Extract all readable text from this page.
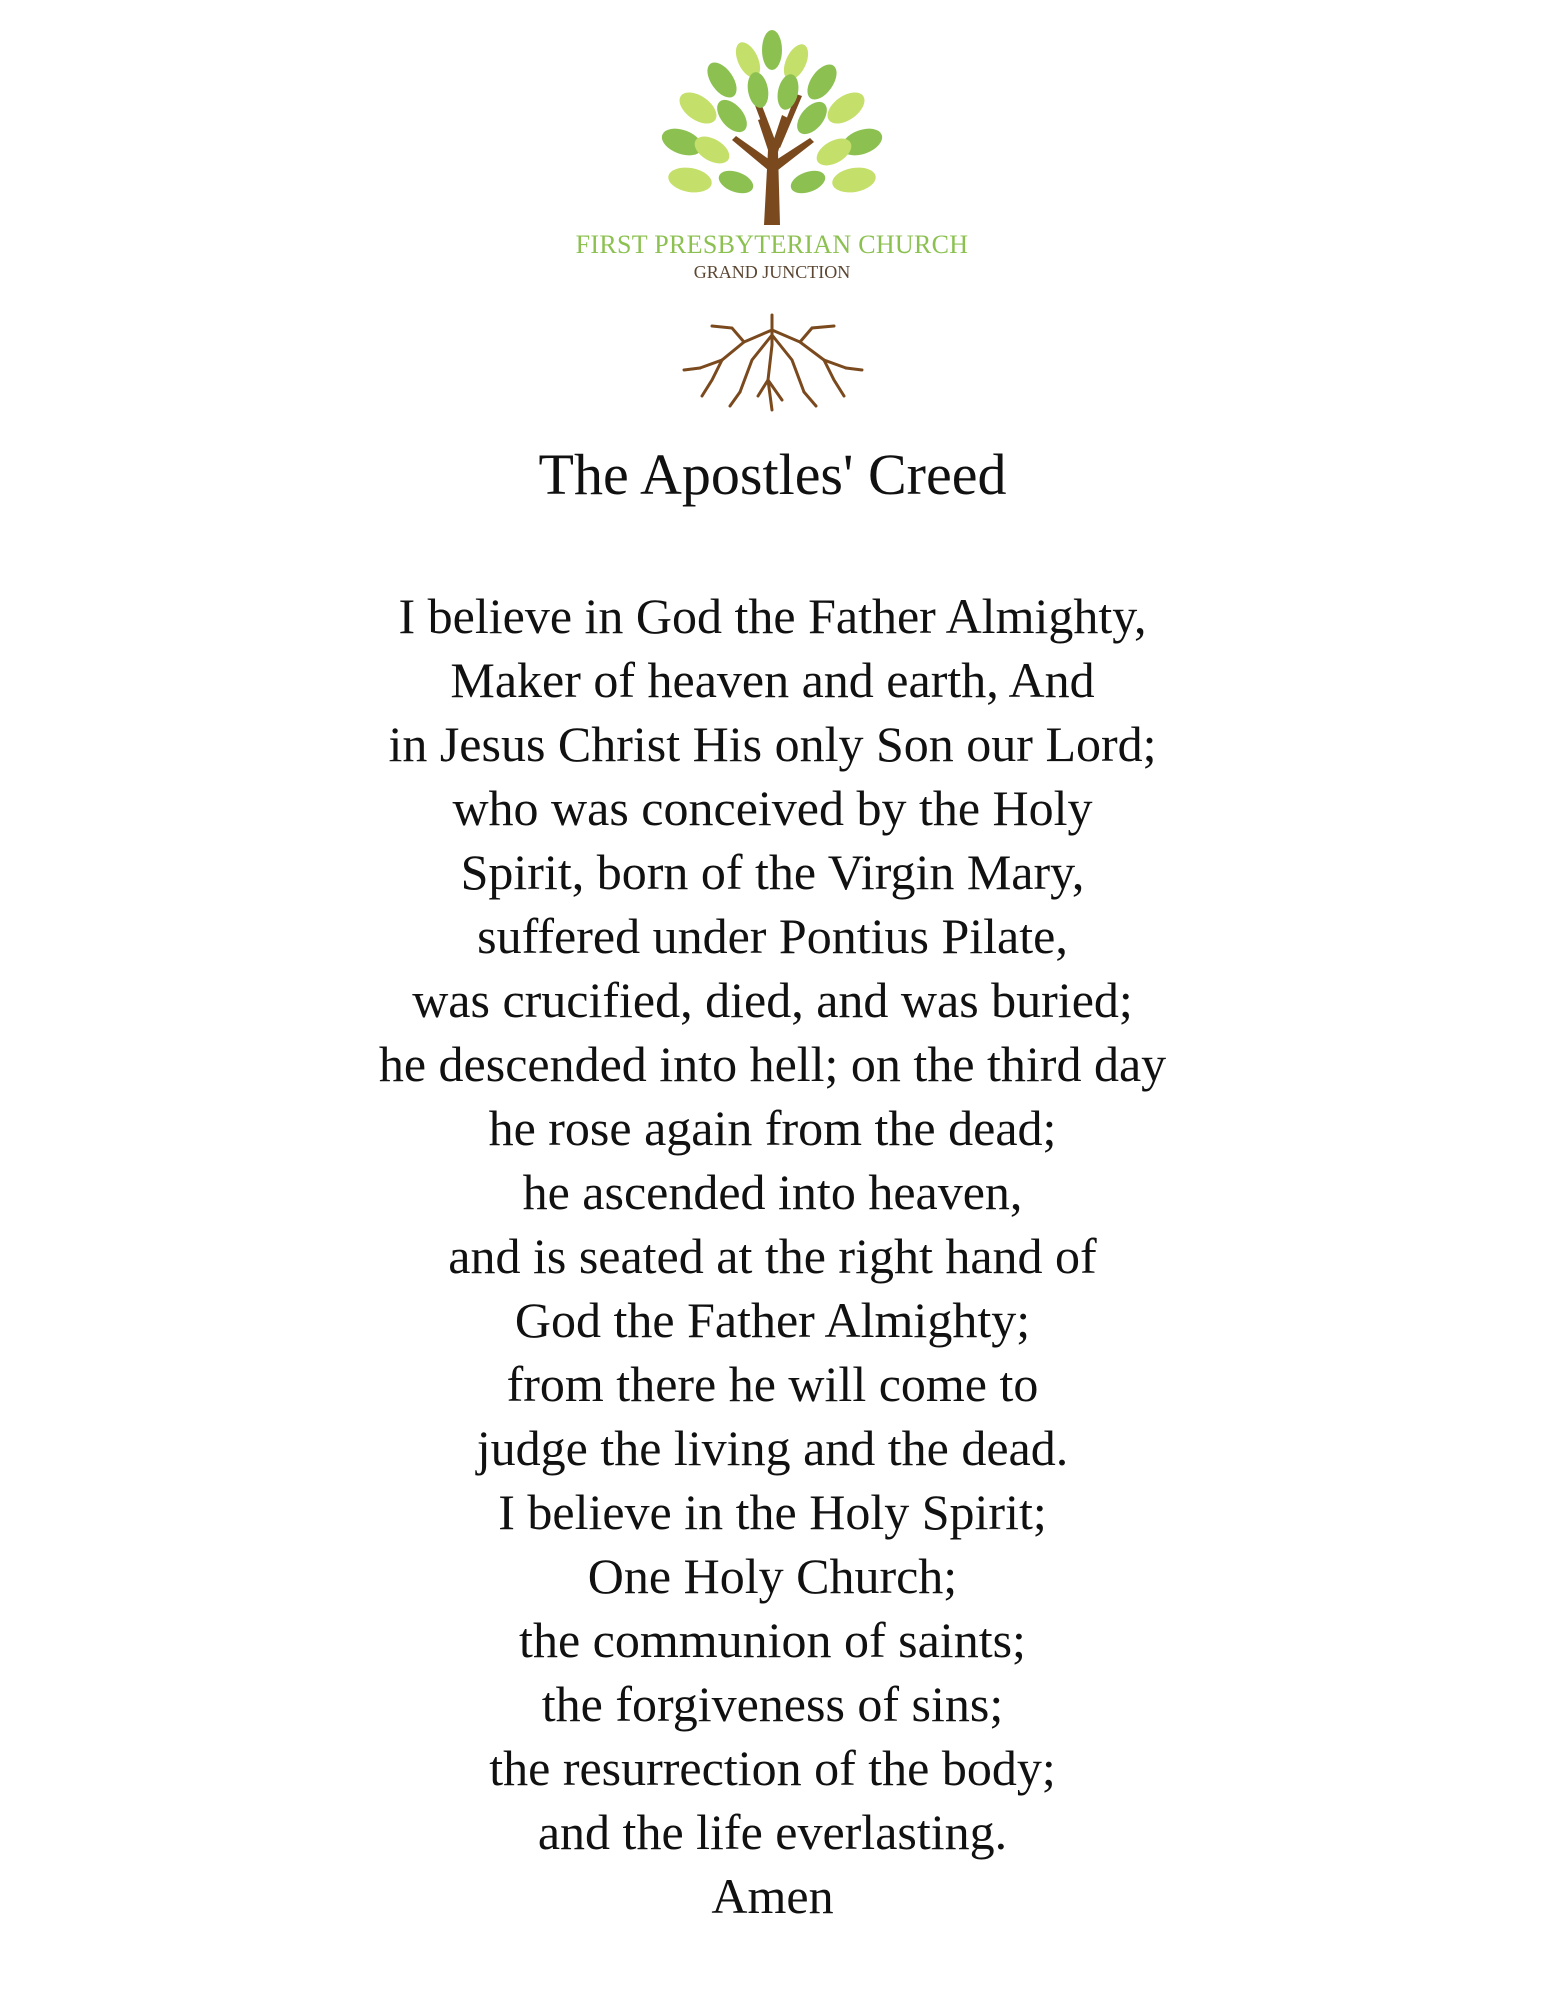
FIRST PRESBYTERIAN CHURCH
GRAND JUNCTION
The Apostles' Creed
I believe in God the Father Almighty,
Maker of heaven and earth, And
in Jesus Christ His only Son our Lord;
who was conceived by the Holy
Spirit, born of the Virgin Mary,
suffered under Pontius Pilate,
was crucified, died, and was buried;
he descended into hell; on the third day
he rose again from the dead;
he ascended into heaven,
and is seated at the right hand of
God the Father Almighty;
from there he will come to
judge the living and the dead.
I believe in the Holy Spirit;
One Holy Church;
the communion of saints;
the forgiveness of sins;
the resurrection of the body;
and the life everlasting.
Amen
